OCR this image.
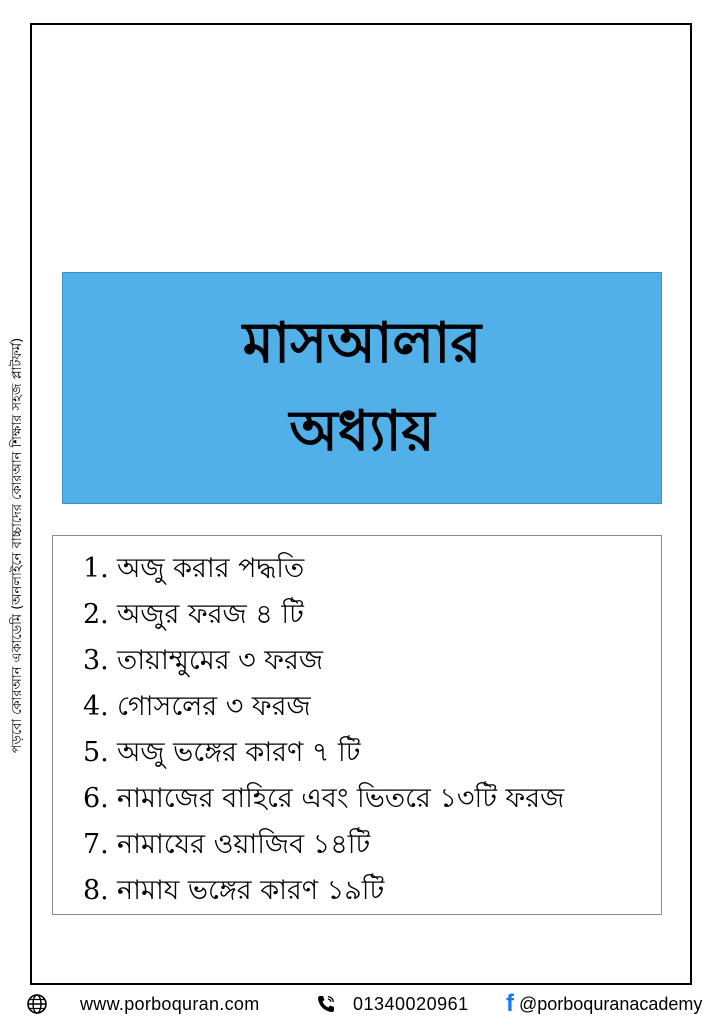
পড়বো কোরআন একাডেমি (অনলাইনে বাচ্চাদের কোরআন শিক্ষার সহজ প্লাটফর্ম)	মাসআলার
অধ্যায়
1. অজু করার পদ্ধতি
2. অজুর ফরজ ৪ টি
3. তায়াম্মুমের ৩ ফরজ
4. গোসলের ৩ ফরজ
5. অজু ভঙ্গের কারণ ৭ টি
6. নামাজের বাহিরে এবং ভিতরে ১৩টি ফরজ
7. নামাযের ওয়াজিব ১৪টি
8. নামায ভঙ্গের কারণ ১৯টি
www.porboquran.com	01340020961 f @porboquranacademy
